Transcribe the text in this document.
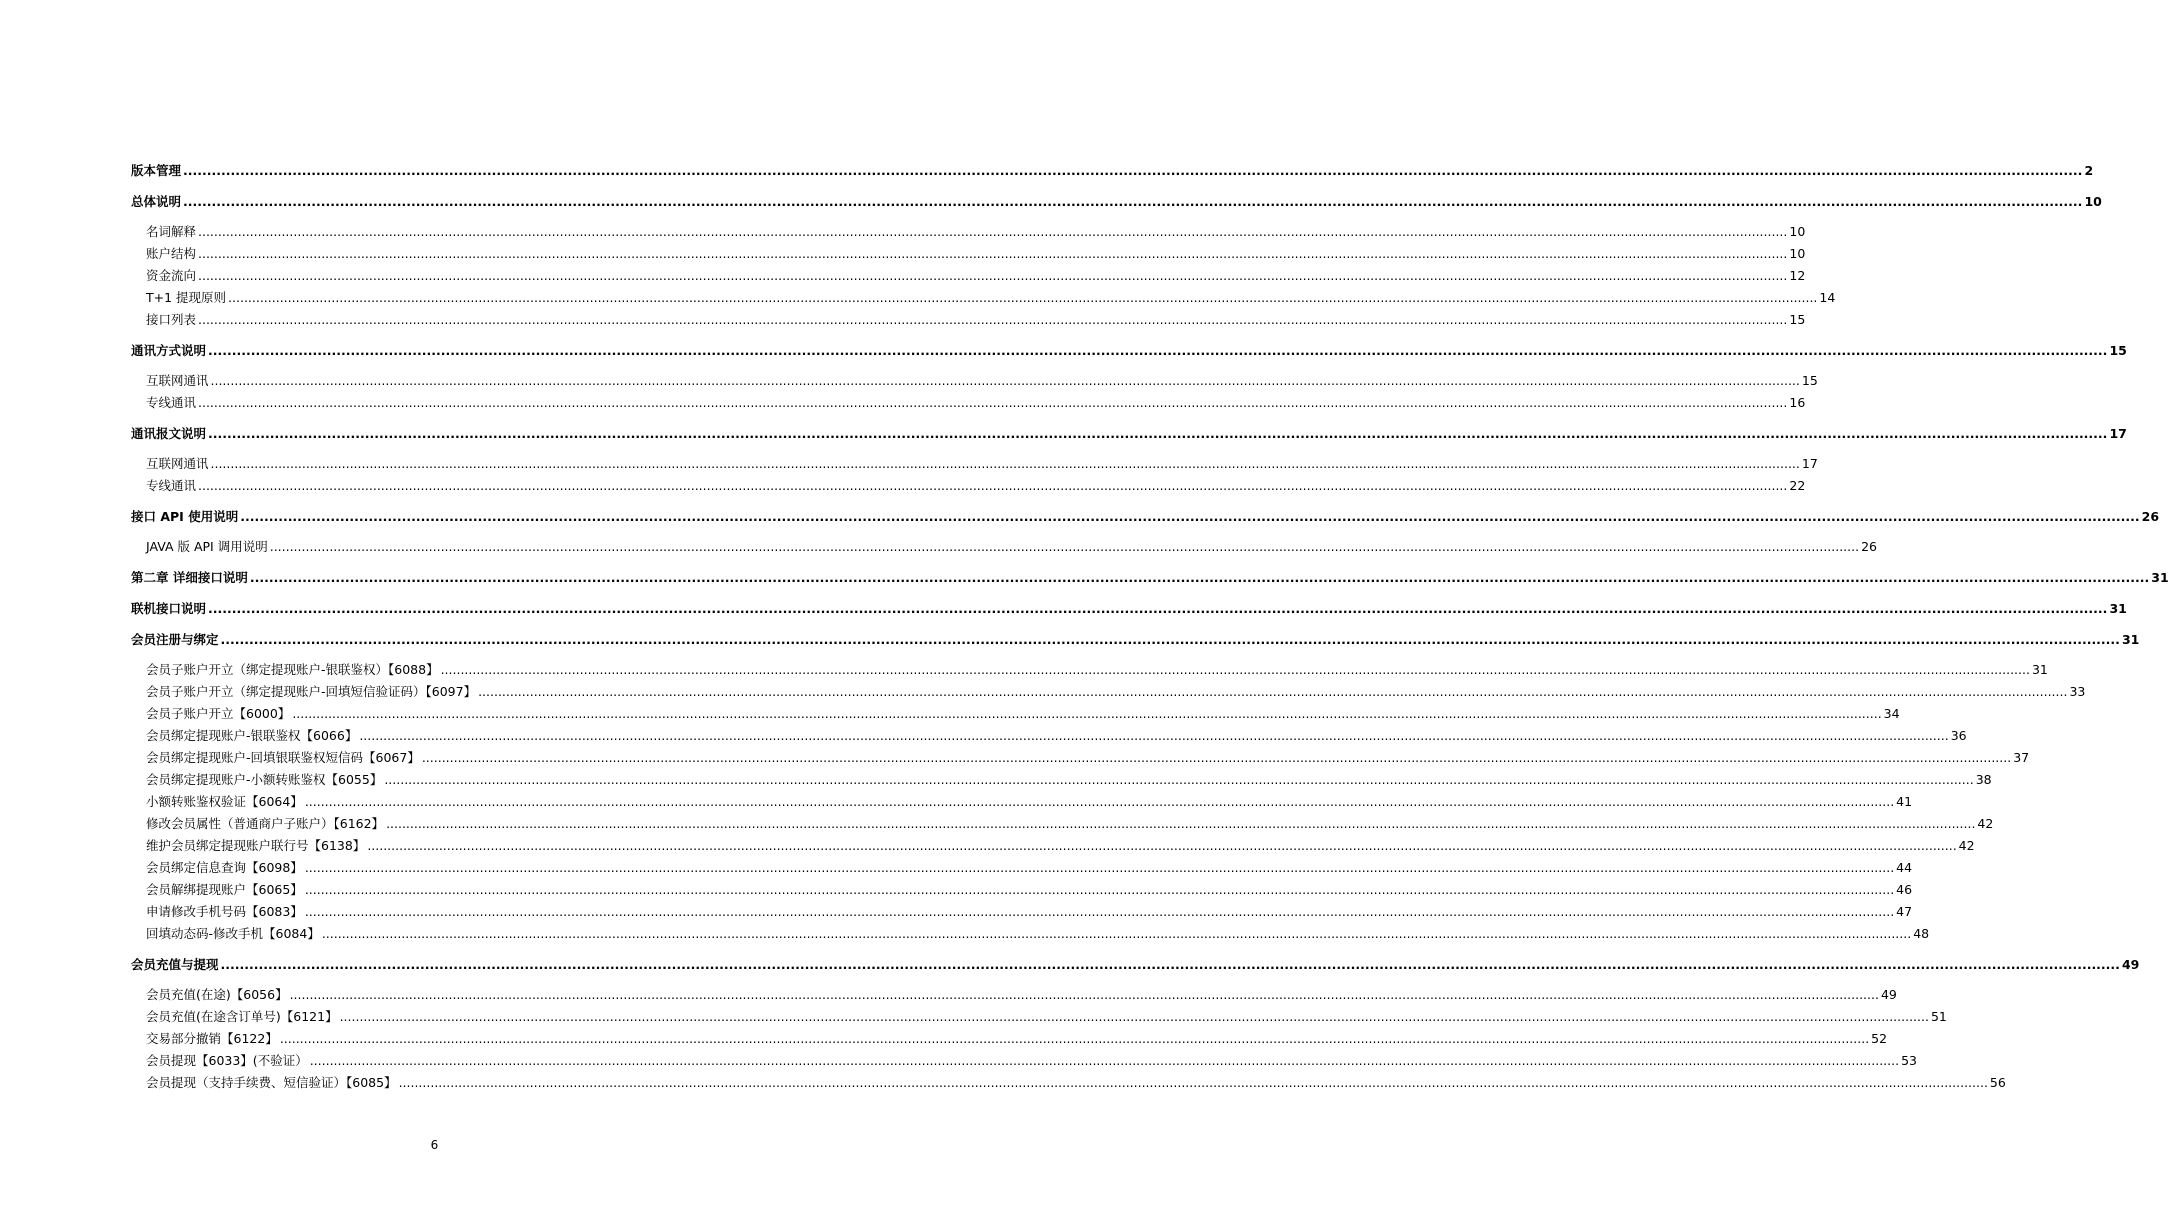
版本管理 ................................................................................................................................................................................................................................................................................................................................................................................................................ 2
总体说明 ................................................................................................................................................................................................................................................................................................................................................................................................................ 10
名词解释 ................................................................................................................................................................................................................................................................................................................................................................................................................ 10
账户结构 ................................................................................................................................................................................................................................................................................................................................................................................................................ 10
资金流向 ................................................................................................................................................................................................................................................................................................................................................................................................................ 12
T+1 提现原则 ................................................................................................................................................................................................................................................................................................................................................................................................................ 14
接口列表 ................................................................................................................................................................................................................................................................................................................................................................................................................ 15
通讯方式说明 ................................................................................................................................................................................................................................................................................................................................................................................................................ 15
互联网通讯 ................................................................................................................................................................................................................................................................................................................................................................................................................ 15
专线通讯 ................................................................................................................................................................................................................................................................................................................................................................................................................ 16
通讯报文说明 ................................................................................................................................................................................................................................................................................................................................................................................................................ 17
互联网通讯 ................................................................................................................................................................................................................................................................................................................................................................................................................ 17
专线通讯 ................................................................................................................................................................................................................................................................................................................................................................................................................ 22
接口 API 使用说明 ................................................................................................................................................................................................................................................................................................................................................................................................................ 26
JAVA 版 API 调用说明 ................................................................................................................................................................................................................................................................................................................................................................................................................ 26
第二章 详细接口说明 ................................................................................................................................................................................................................................................................................................................................................................................................................ 31
联机接口说明 ................................................................................................................................................................................................................................................................................................................................................................................................................ 31
会员注册与绑定 ................................................................................................................................................................................................................................................................................................................................................................................................................ 31
会员子账户开立（绑定提现账户-银联鉴权）【6088】 ................................................................................................................................................................................................................................................................................................................................................................................................................ 31
会员子账户开立（绑定提现账户-回填短信验证码）【6097】 ................................................................................................................................................................................................................................................................................................................................................................................................................ 33
会员子账户开立【6000】 ................................................................................................................................................................................................................................................................................................................................................................................................................ 34
会员绑定提现账户-银联鉴权【6066】 ................................................................................................................................................................................................................................................................................................................................................................................................................ 36
会员绑定提现账户-回填银联鉴权短信码【6067】 ................................................................................................................................................................................................................................................................................................................................................................................................................ 37
会员绑定提现账户-小额转账鉴权【6055】 ................................................................................................................................................................................................................................................................................................................................................................................................................ 38
小额转账鉴权验证【6064】 ................................................................................................................................................................................................................................................................................................................................................................................................................ 41
修改会员属性（普通商户子账户）【6162】 ................................................................................................................................................................................................................................................................................................................................................................................................................ 42
维护会员绑定提现账户联行号【6138】 ................................................................................................................................................................................................................................................................................................................................................................................................................ 42
会员绑定信息查询【6098】 ................................................................................................................................................................................................................................................................................................................................................................................................................ 44
会员解绑提现账户【6065】 ................................................................................................................................................................................................................................................................................................................................................................................................................ 46
申请修改手机号码【6083】 ................................................................................................................................................................................................................................................................................................................................................................................................................ 47
回填动态码-修改手机【6084】 ................................................................................................................................................................................................................................................................................................................................................................................................................ 48
会员充值与提现 ................................................................................................................................................................................................................................................................................................................................................................................................................ 49
会员充值(在途)【6056】 ................................................................................................................................................................................................................................................................................................................................................................................................................ 49
会员充值(在途含订单号)【6121】 ................................................................................................................................................................................................................................................................................................................................................................................................................ 51
交易部分撤销【6122】 ................................................................................................................................................................................................................................................................................................................................................................................................................ 52
会员提现【6033】(不验证） ................................................................................................................................................................................................................................................................................................................................................................................................................ 53
会员提现（支持手续费、短信验证）【6085】 ................................................................................................................................................................................................................................................................................................................................................................................................................ 56
6
